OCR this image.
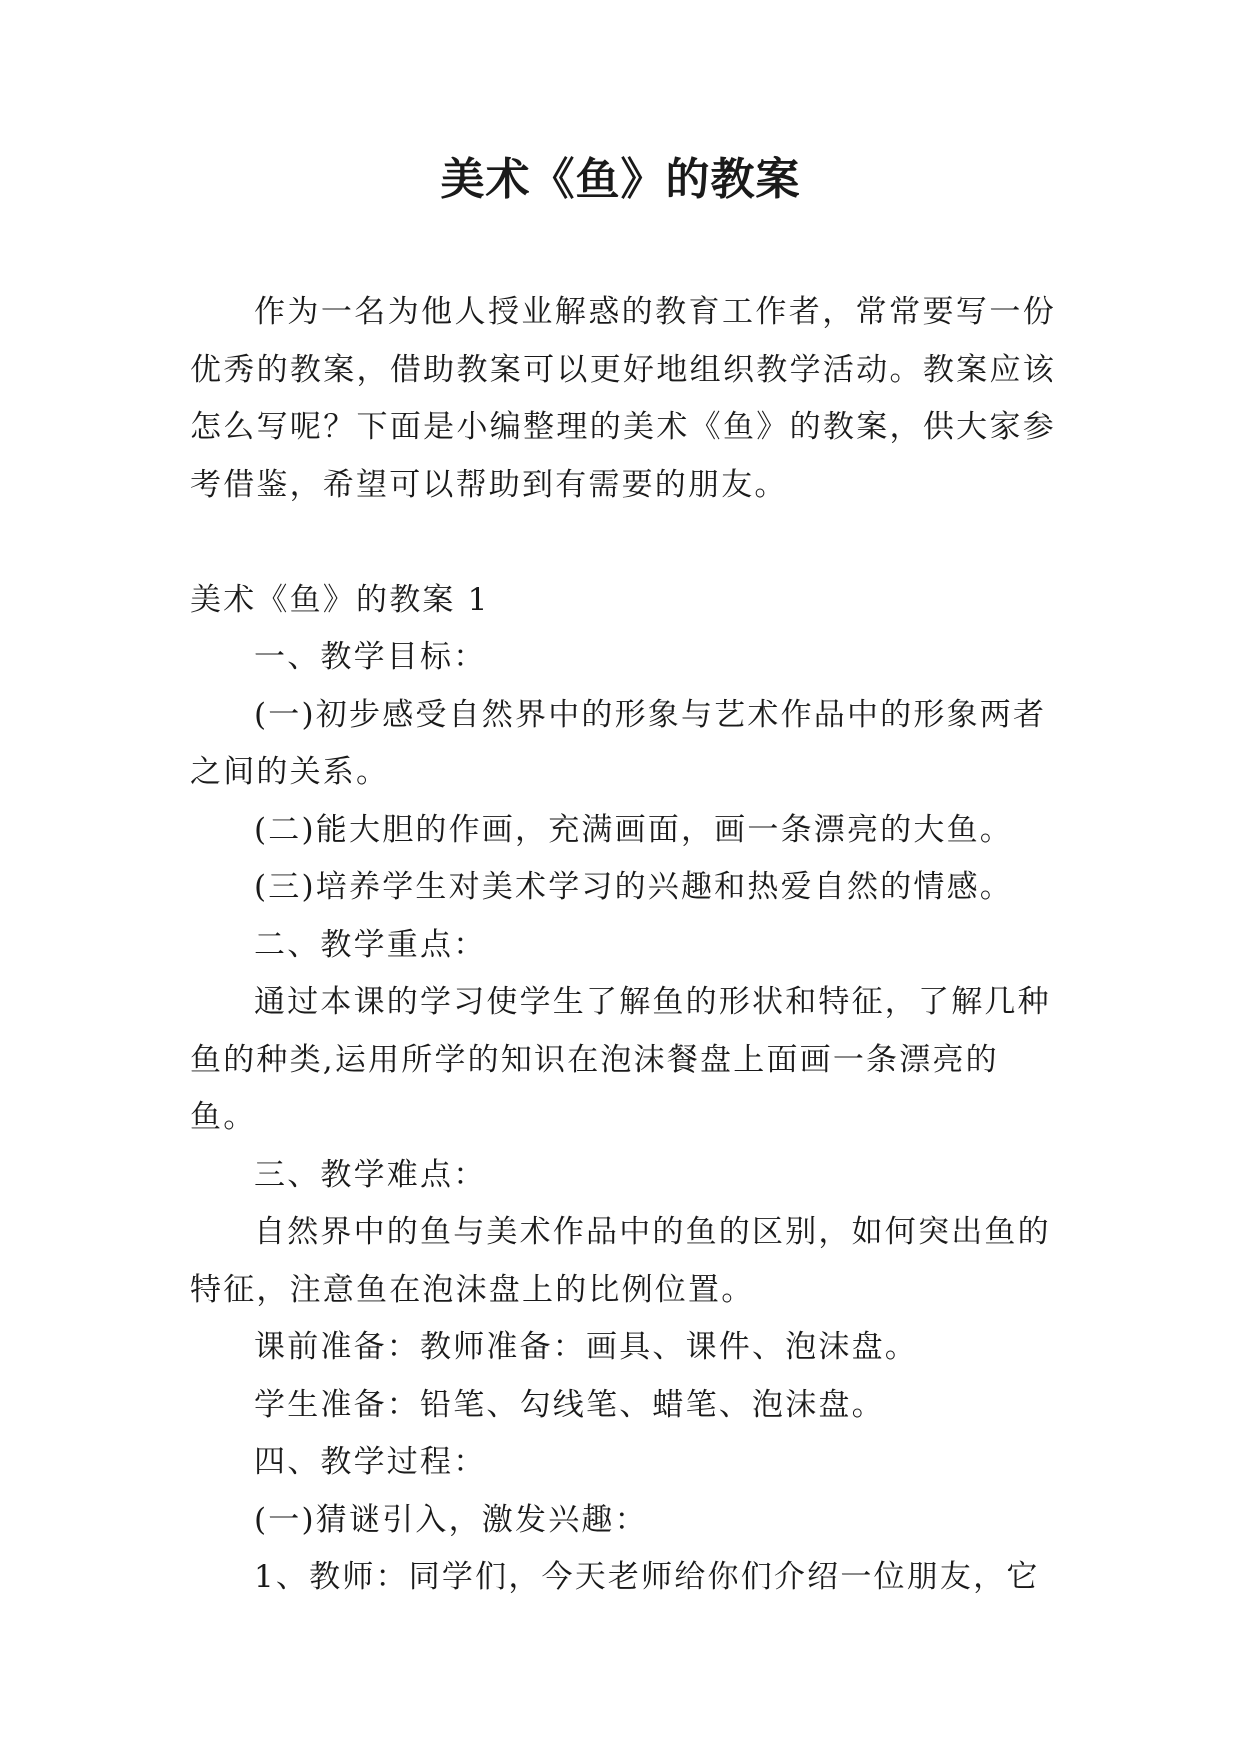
美术《鱼》的教案

作为一名为他人授业解惑的教育工作者，常常要写一份优秀的教案，借助教案可以更好地组织教学活动。教案应该怎么写呢？下面是小编整理的美术《鱼》的教案，供大家参考借鉴，希望可以帮助到有需要的朋友。

美术《鱼》的教案 1

一、教学目标：

(一)初步感受自然界中的形象与艺术作品中的形象两者之间的关系。

(二)能大胆的作画，充满画面，画一条漂亮的大鱼。

(三)培养学生对美术学习的兴趣和热爱自然的情感。

二、教学重点：

通过本课的学习使学生了解鱼的形状和特征，了解几种鱼的种类,运用所学的知识在泡沫餐盘上面画一条漂亮的鱼。

三、教学难点：

自然界中的鱼与美术作品中的鱼的区别，如何突出鱼的特征，注意鱼在泡沫盘上的比例位置。

课前准备：教师准备：画具、课件、泡沫盘。

学生准备：铅笔、勾线笔、蜡笔、泡沫盘。

四、教学过程：

(一)猜谜引入，激发兴趣：

1、教师：同学们，今天老师给你们介绍一位朋友，它
